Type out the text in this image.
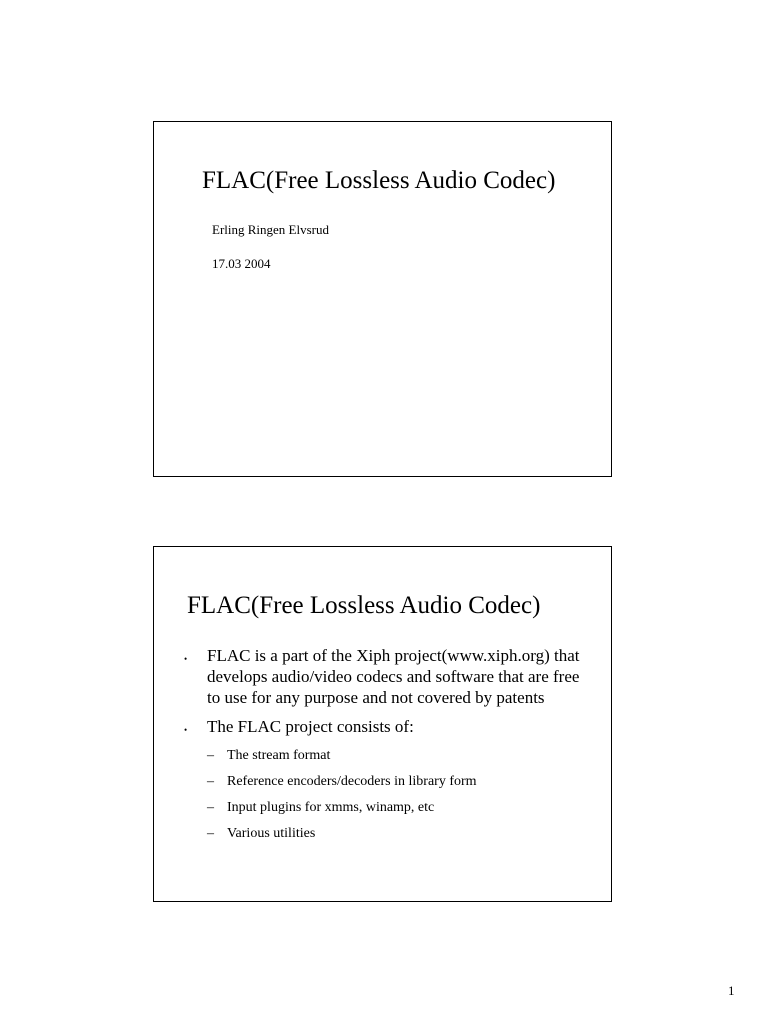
FLAC(Free Lossless Audio Codec)
Erling Ringen Elvsrud
17.03 2004
FLAC(Free Lossless Audio Codec)
• FLAC is a part of the Xiph project(www.xiph.org) that develops audio/video codecs and software that are free to use for any purpose and not covered by patents
• The FLAC project consists of:
– The stream format
– Reference encoders/decoders in library form
– Input plugins for xmms, winamp, etc
– Various utilities
1
